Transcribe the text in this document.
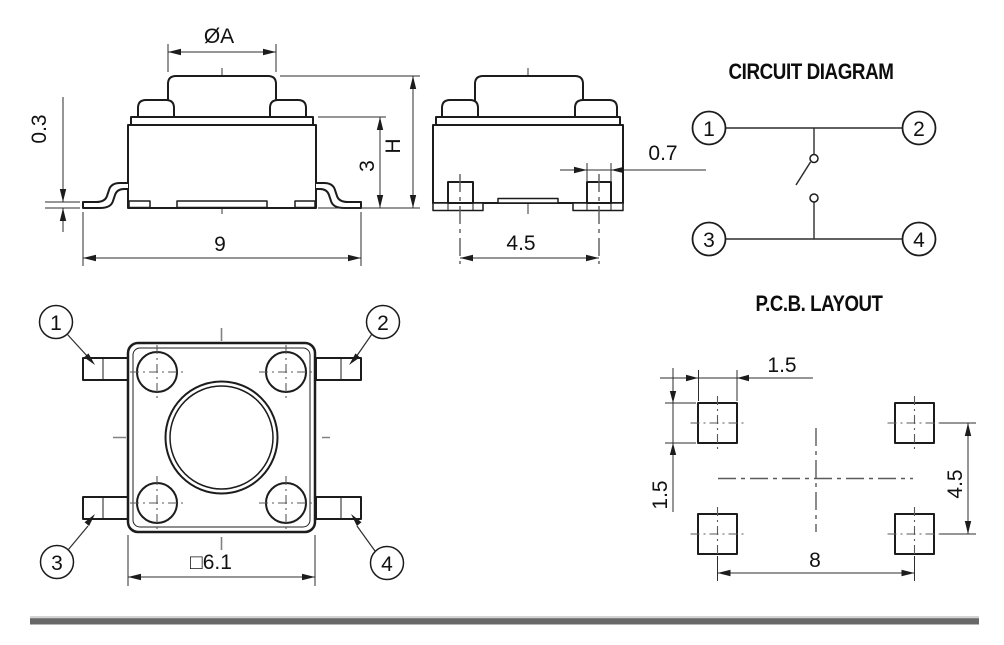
ØA
0.3
9
3
H	0.7
4.5
CIRCUIT DIAGRAM
1	2
3	4
1	2
3	4
□6.1
P.C.B. LAYOUT
1.5
1.5	4.5
8
